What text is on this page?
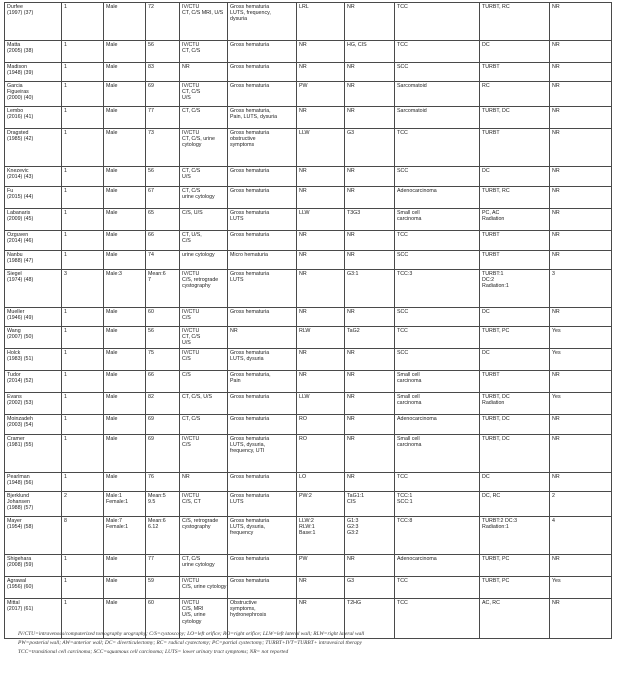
Durfee
(1997) (37)	1	Male	72	IV/CTU
CT, C/S MRI, U/S	Gross hematuria
LUTS, frequency,
dysuria	LRL	NR	TCC	TURBT, RC	NR

Matta
(2005) (38)	1	Male	56	IV/CTU
CT, C/S	Gross hematuria	NR	HG, CIS	TCC	DC	NR

Madison
(1948) (39)	1	Male	83	NR	Gross hematuria	NR	NR	SCC	TURBT	NR

Garcia
Figueiras
(2000) (40)	1	Male	69	IV/CTU
CT, C/S
U/S	Gross hematuria	PW	NR	Sarcomatoid	RC	NR

Lembo
(2016) (41)	1	Male	77	CT, C/S	Gross hematuria,
Pain, LUTS, dysuria	NR	NR	Sarcomatoid	TURBT, DC	NR

Dragsted
(1985) (42)	1	Male	73	IV/CTU
CT, C/S, urine
cytology	Gross hematuria
obstructive
symptoms	LLW	G3	TCC	TURBT	NR

Knezevic
(2014) (43)	1	Male	56	CT, C/S
U/S	Gross hematuria	NR	NR	SCC	DC	NR

Fu
(2015) (44)	1	Male	67	CT, C/S
urine cytology	Gross hematuria	NR	NR	Adenocarcinoma	TURBT, RC	NR

Labanaris
(2009) (45)	1	Male	65	C/S, U/S	Gross hematuria
LUTS	LLW	T3G3	Small cell
carcinoma	PC, AC
Radiation	NR

Ozguven
(2014) (46)	1	Male	66	CT, U/S,
C/S	Gross hematuria	NR	NR	TCC	TURBT	NR

Nanbu
(1988) (47)	1	Male	74	urine cytology	Micro hematuria	NR	NR	SCC	TURBT	NR

Siegel
(1974) (48)	3	Male:3	Mean:6
7	IV/CTU
C/S, retrograde
cystography	Gross hematuria
LUTS	NR	G3:1	TCC:3	TURBT:1
DC:2
Radiation:1	3

Mueller
(1946) (49)	1	Male	60	IV/CTU
C/S	Gross hematuria	NR	NR	SCC	DC	NR

Wang
(2007) (50)	1	Male	56	IV/CTU
CT, C/S
U/S	NR	RLW	TaG2	TCC	TURBT, PC	Yes

Holck
(1983) (51)	1	Male	75	IV/CTU
C/S	Gross hematuria
LUTS, dysuria	NR	NR	SCC	DC	Yes

Tudor
(2014) (52)	1	Male	66	C/S	Gross hematuria,
Pain	NR	NR	Small cell
carcinoma	TURBT	NR

Evans
(2002) (53)	1	Male	82	CT, C/S, U/S	Gross hematuria	LLW	NR	Small cell
carcinoma	TURBT, DC
Radiation	Yes

Moinzadeh
(2003) (54)	1	Male	69	CT, C/S	Gross hematuria	RO	NR	Adenocarcinoma	TURBT, DC	NR

Cramer
(1981) (55)	1	Male	69	IV/CTU
C/S	Gross hematuria
LUTS, dysuria,
frequency, UTI	RO	NR	Small cell
carcinoma	TURBT, DC	NR

Pearlman
(1948) (56)	1	Male	76	NR	Gross hematuria	LO	NR	TCC	DC	NR

Bjerklund
Johansen
(1988) (57)	2	Male:1
Female:1	Mean:5
9.5	IV/CTU
C/S, CT	Gross hematuria
LUTS	PW:2	TaG1:1
CIS	TCC:1
SCC:1	DC, RC	2

Mayer
(1954) (58)	8	Male:7
Female:1	Mean:6
6.12	C/S, retrograde
cystography	Gross hematuria
LUTS, dysuria,
frequency	LLW:2
RLW:1
Base:1	G1:3
G2:3
G3:2	TCC:8	TURBT:2 DC:3
Radiation:1	4

Shigehara
(2008) (59)	1	Male	77	CT, C/S
urine cytology	Gross hematuria	PW	NR	Adenocarcinoma	TURBT, PC	NR

Agrawal
(1956) (60)	1	Male	59	IV/CTU
C/S, urine cytology	Gross hematuria	NR	G3	TCC	TURBT, PC	Yes

Mittal
(2017) (61)	1	Male	60	IV/CTU
C/S, MRI
U/S, urine
cytology	Obstructive
symptoms,
hydronephrosis	NR	T2HG	TCC	AC, RC	NR
IV/CTU=intravenous/computerized tomography urography; C/S=cystoscopy; LO=left orifice; RO=right orifice; LLW=left lateral wall; RLW=right lateral wall
PW=posterial wall; AW=anterior wall; DC= diverticulectomy; RC= radical cystectomy; PC=partial cystectomy; TURBT+IVT=TURBT+ intravesical therapy
TCC=transitional cell carcinoma; SCC=squamous cell carcinoma; LUTS= lower urinary tract symptoms; NR= not reported
